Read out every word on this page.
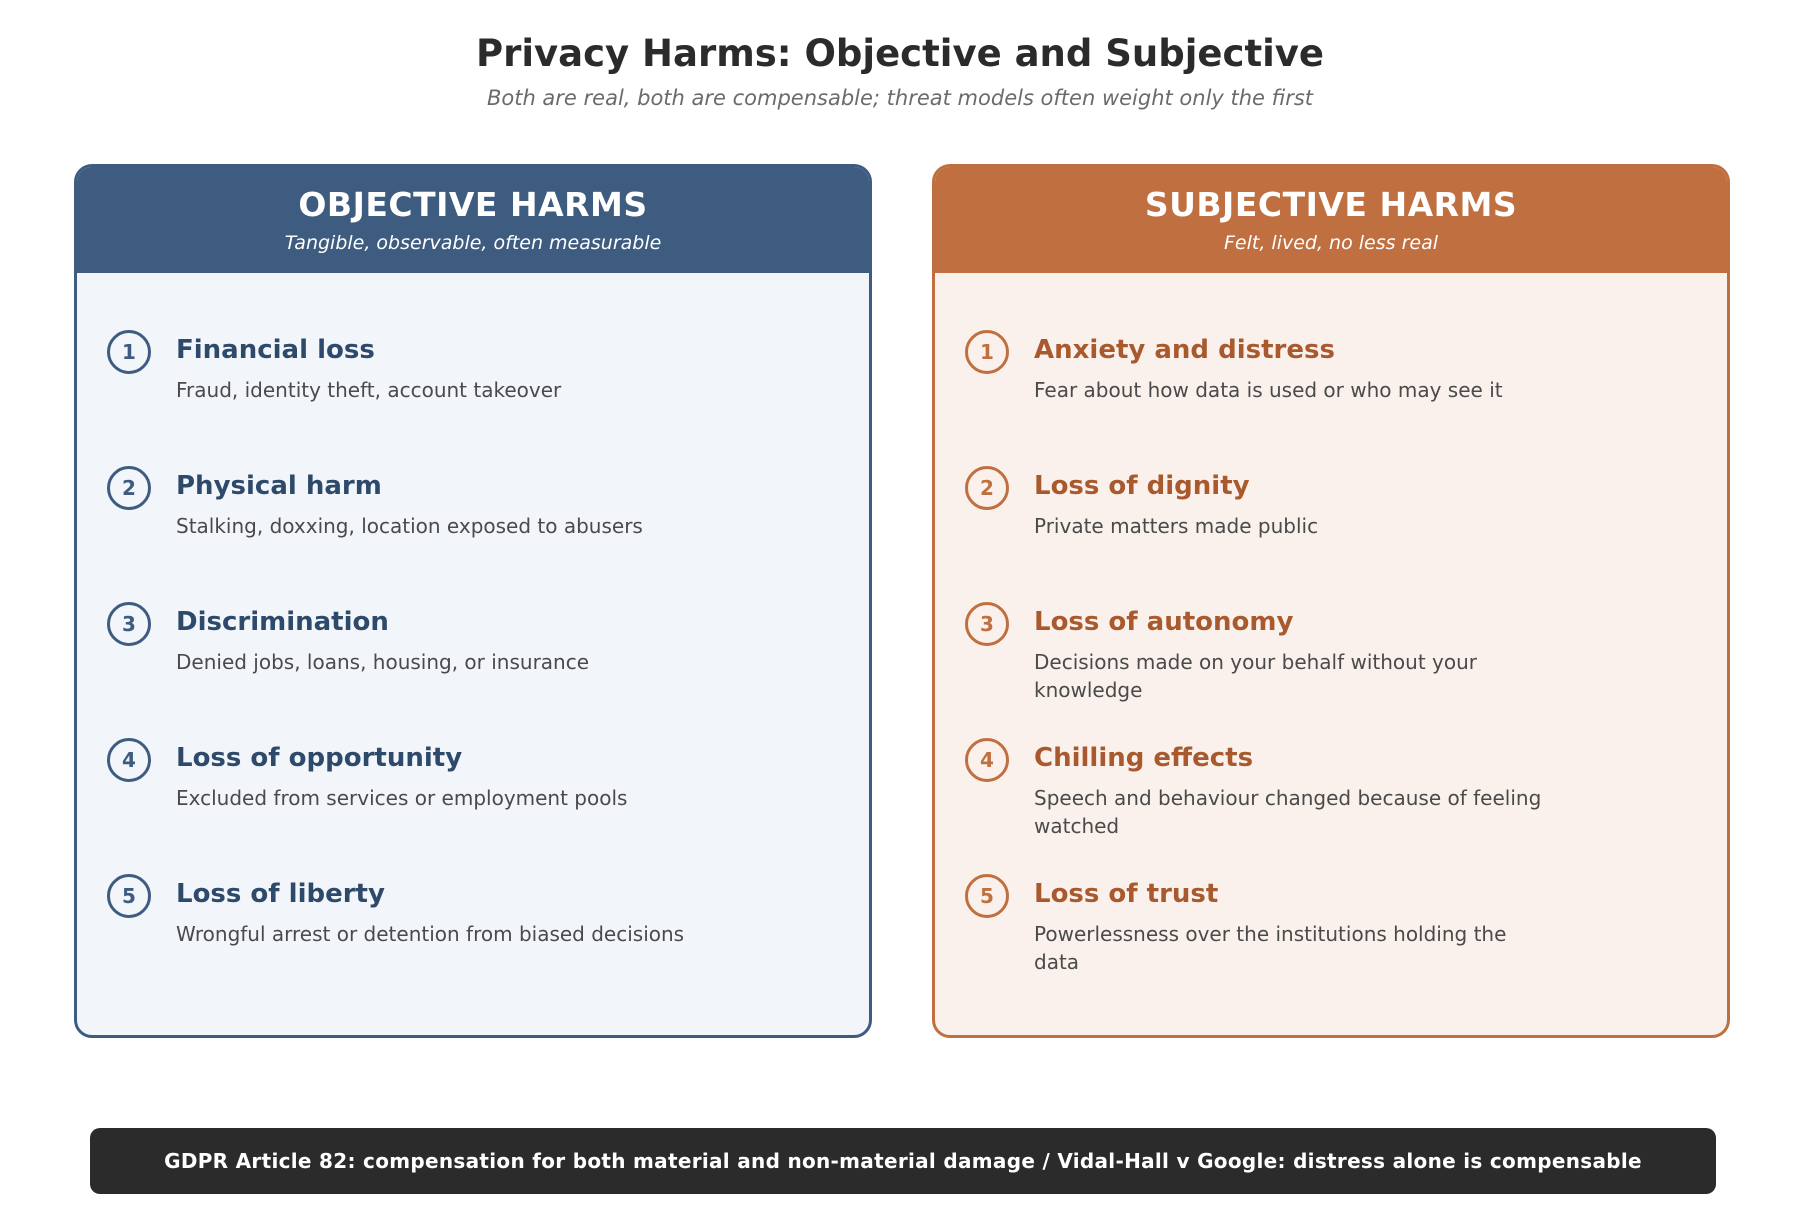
Privacy Harms: Objective and Subjective
Both are real, both are compensable; threat models often weight only the first
OBJECTIVE HARMS
Tangible, observable, often measurable
1	Financial loss
Fraud, identity theft, account takeover
2	Physical harm
Stalking, doxxing, location exposed to abusers
3	Discrimination
Denied jobs, loans, housing, or insurance
4	Loss of opportunity
Excluded from services or employment pools
5	Loss of liberty
Wrongful arrest or detention from biased decisions
SUBJECTIVE HARMS
Felt, lived, no less real
1	Anxiety and distress
Fear about how data is used or who may see it
2	Loss of dignity
Private matters made public
3	Loss of autonomy
Decisions made on your behalf without your knowledge
4	Chilling effects
Speech and behaviour changed because of feeling watched
5	Loss of trust
Powerlessness over the institutions holding the data
GDPR Article 82: compensation for both material and non-material damage / Vidal-Hall v Google: distress alone is compensable
